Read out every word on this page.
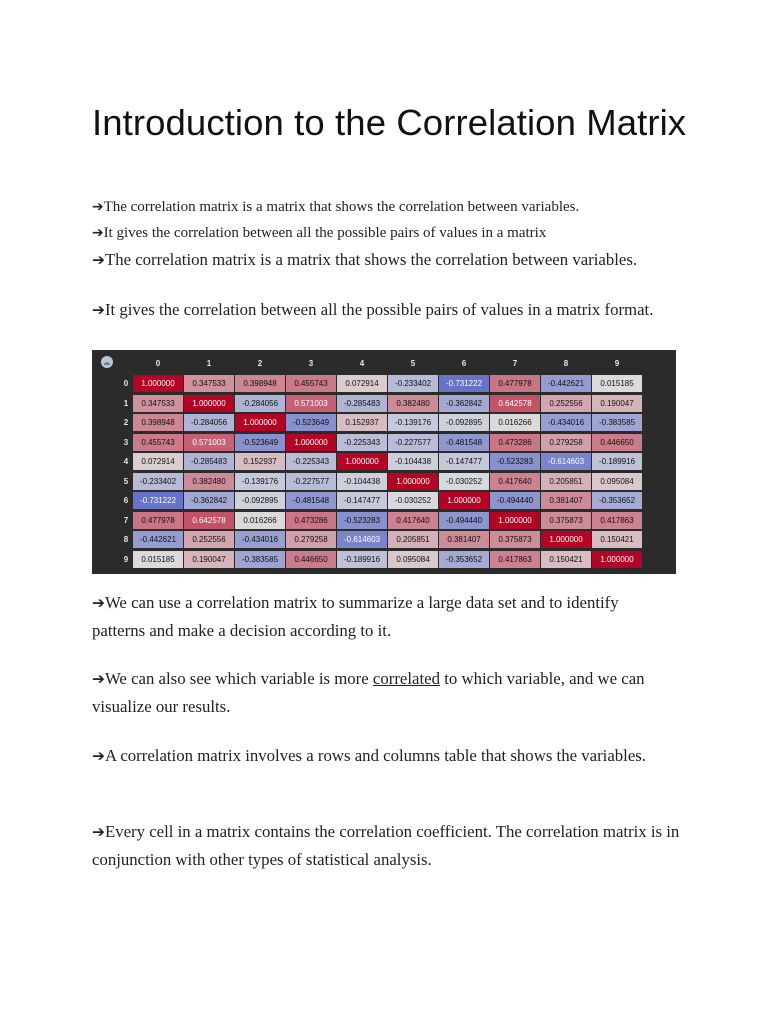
Introduction to the Correlation Matrix

➔The correlation matrix is a matrix that shows the correlation between variables.

➔It gives the correlation between all the possible pairs of values in a matrix

➔The correlation matrix is a matrix that shows the correlation between variables.

➔It gives the correlation between all the possible pairs of values in a matrix format.

➔We can use a correlation matrix to summarize a large data set and to identify patterns and make a decision according to it.

➔We can also see which variable is more correlated to which variable, and we can visualize our results.

➔A correlation matrix involves a rows and columns table that shows the variables.

➔Every cell in a matrix contains the correlation coefficient. The correlation matrix is in conjunction with other types of statistical analysis.

0	1	2	3	4	5	6	7	8	9
0	1.000000	0.347533	0.398948	0.455743	0.072914	-0.233402	-0.731222	0.477978	-0.442621	0.015185
1	0.347533	1.000000	-0.284056	0.571003	-0.285483	0.382480	-0.362842	0.642578	0.252556	0.190047
2	0.398948	-0.284056	1.000000	-0.523649	0.152937	-0.139176	-0.092895	0.016266	-0.434016	-0.383585
3	0.455743	0.571003	-0.523649	1.000000	-0.225343	-0.227577	-0.481548	0.473286	0.279258	0.446650
4	0.072914	-0.285483	0.152937	-0.225343	1.000000	-0.104438	-0.147477	-0.523283	-0.614603	-0.189916
5	-0.233402	0.382480	-0.139176	-0.227577	-0.104438	1.000000	-0.030252	0.417640	0.205851	0.095084
6	-0.731222	-0.362842	-0.092895	-0.481548	-0.147477	-0.030252	1.000000	-0.494440	0.381407	-0.353652
7	0.477978	0.642578	0.016266	0.473286	-0.523283	0.417640	-0.494440	1.000000	0.375873	0.417863
8	-0.442621	0.252556	-0.434016	0.279258	-0.614603	0.205851	0.381407	0.375873	1.000000	0.150421
9	0.015185	0.190047	-0.383585	0.446650	-0.189916	0.095084	-0.353652	0.417863	0.150421	1.000000
